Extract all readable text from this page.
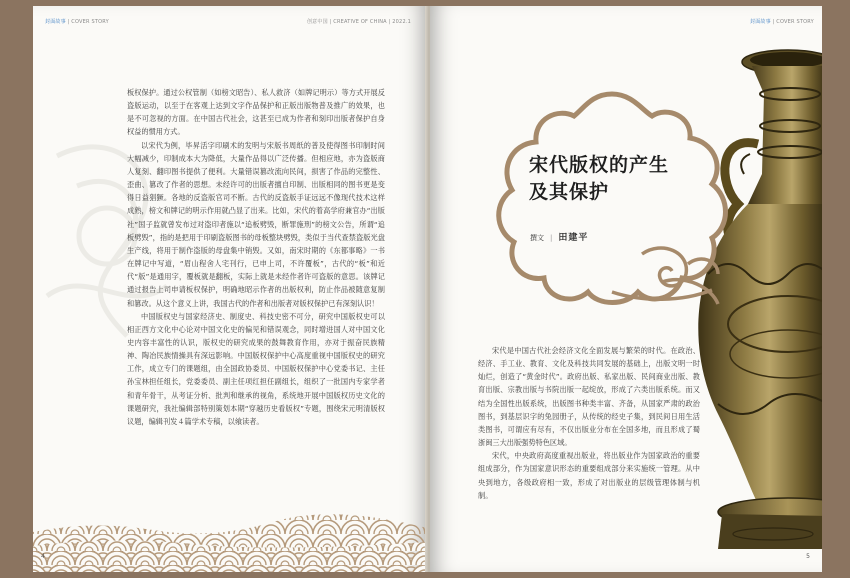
封面故事 | COVER STORY	创意中国 | CREATIVE OF CHINA | 2022.1

板权保护。通过公权管制（如榜文昭告）、私人救济（如牌记明示）等方式开展反盗版运动，以至于在客观上达到文字作品保护和正版出版物普及推广的效果，也是不可忽视的方面。在中国古代社会，这甚至已成为作者和刻印出版者保护自身权益的惯用方式。

以宋代为例，毕昇活字印刷术的发明与宋版书周纸的普及使得图书印制时间大幅减少，印制成本大为降低，大量作品得以广泛传播。但相应地，亦为盗版商人复刻、翻印图书提供了便利。大量错误篡改流向民间，损害了作品的完整性、歪曲、篡改了作者的思想。未经许可的出版者擅自印制、出版相同的图书更是变得日益猖獗。各地的反盗版官司不断。古代的反盗版手证远远不像现代技术这样成熟，榜文和牌记的明示作用就凸显了出来。比如，宋代的着高学府兼官办“出版社”国子监就曾发布过对盗印者施以“追板劈毁，断罪施刑”的榜文公告，所谓“追板劈毁”，指的是把用于印刷盗版图书的母板整块劈毁，类似于当代查禁盗版光盘生产线，将用于制作盗版的母盘集中销毁。又如，南宋时期的《东都事略》一书在牌记中写道，“眉山程舍人宅刊行，已申上司，不许覆板”，古代的“板”和近代“版”是通用字，覆板就是翻板，实际上就是未经作者许可盗版的意思。该牌记通过报告上司申请板权保护，明确地昭示作者的出版权利，防止作品被随意复制和篡改。从这个意义上讲，我国古代的作者和出版者对版权保护已有深刻认识！

中国版权史与国家经济史、制度史、科技史密不可分，研究中国版权史可以相正西方文化中心论对中国文化史的偏见和错误观念，同时增进国人对中国文化史内容丰富性的认识，版权史的研究成果的鼓舞教育作用，亦对于振奋民族精神、陶冶民族情操具有深远影响。中国版权保护中心高度重视中国版权史的研究工作，成立专门的课题组，由全国政协委员、中国版权保护中心党委书记、主任孙宝林担任组长，党委委员、副主任项红担任副组长，组织了一批国内专家学者和青年骨干，从考证分析、批判和继承的视角，系统地开展中国版权历史文化的课题研究，我社编辑部特别策划本期“穿越历史看版权”专题，围绕宋元明清版权议题，编辑刊发４篇学术专稿，以飨读者。

4
封面故事 | COVER STORY
宋代版权的产生
及其保护
撰文 | 田建平

宋代是中国古代社会经济文化全面发展与繁荣的时代。在政治、经济、手工业、教育、文化及科技共同发展的基础上，出版文明一时灿烂，创造了“黄金时代”。政府出版、私家出版、民间商业出版、教育出版、宗教出版与书院出版一起绽放，形成了六类出版系统。而又结为全国性出版系统，出版图书种类丰富、齐备，从国家严肃的政治图书，到基层识字的兔园册子，从传统的经史子集，到民间日用生活类图书，可谓应有尽有，不仅出版业分布在全国多地，而且形成了蜀浙闽三大出版强势特色区域。

宋代，中央政府高度重视出版业，将出版业作为国家政治的重要组成部分，作为国家意识形态的重要组成部分来实施统一管理。从中央到地方，各级政府相一致，形成了对出版业的层级管理体制与机制。

5
